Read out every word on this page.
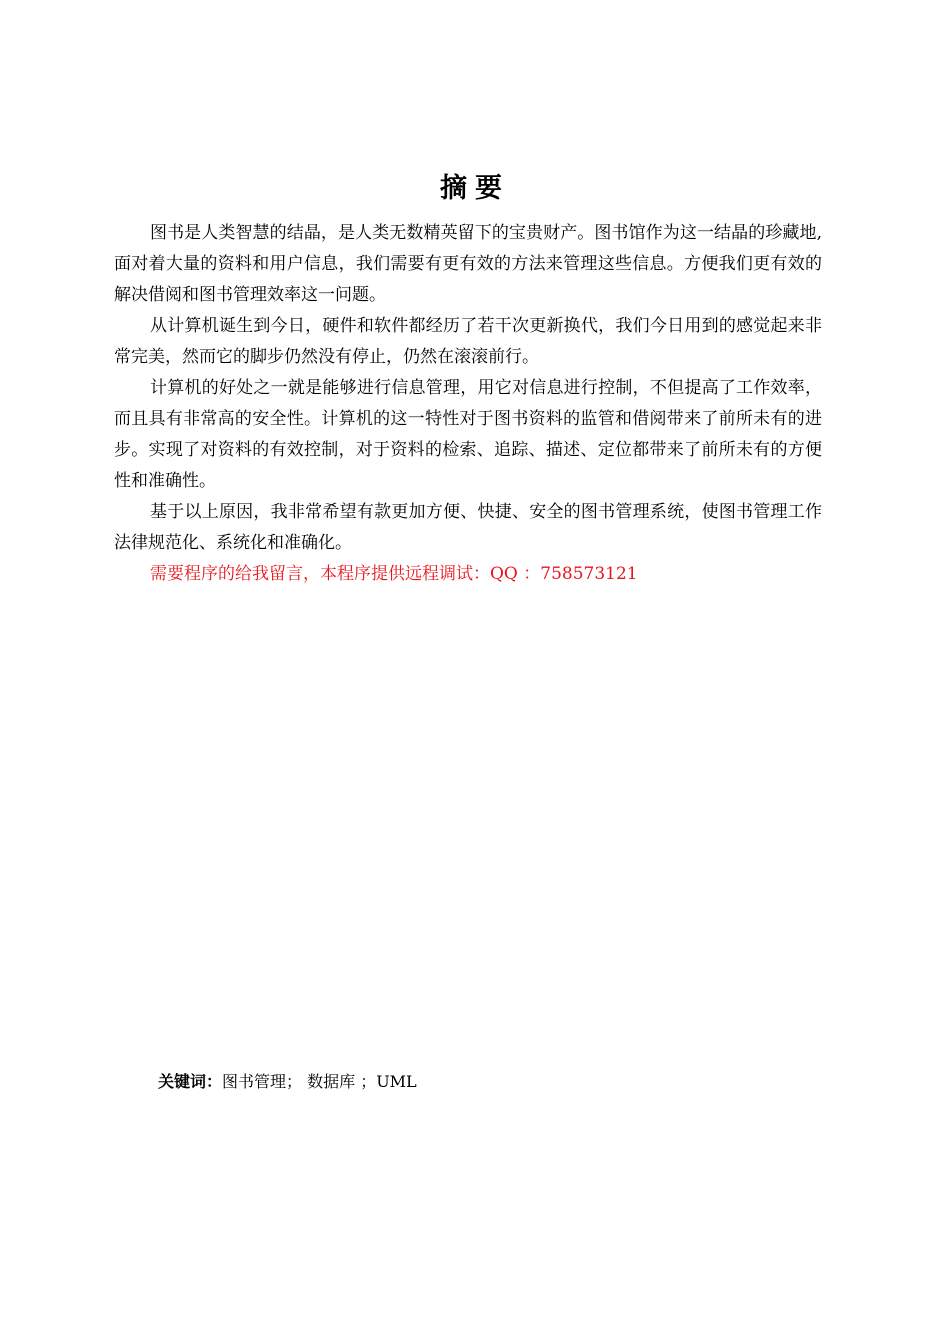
摘要

图书是人类智慧的结晶，是人类无数精英留下的宝贵财产。图书馆作为这一结晶的珍藏地,面对着大量的资料和用户信息，我们需要有更有效的方法来管理这些信息。方便我们更有效的解决借阅和图书管理效率这一问题。

从计算机诞生到今日，硬件和软件都经历了若干次更新换代，我们今日用到的感觉起来非常完美，然而它的脚步仍然没有停止，仍然在滚滚前行。

计算机的好处之一就是能够进行信息管理，用它对信息进行控制，不但提高了工作效率，而且具有非常高的安全性。计算机的这一特性对于图书资料的监管和借阅带来了前所未有的进步。实现了对资料的有效控制，对于资料的检索、追踪、描述、定位都带来了前所未有的方便性和准确性。

基于以上原因，我非常希望有款更加方便、快捷、安全的图书管理系统，使图书管理工作法律规范化、系统化和准确化。

需要程序的给我留言，本程序提供远程调试：QQ ：758573121

关键词：图书管理； 数据库 ；UML
